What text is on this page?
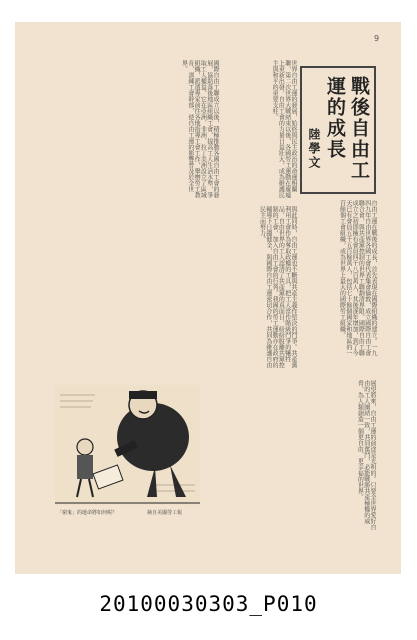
9
戰後自由工
運的成長
陸學文
世界自由工運的發展，始終與民主政治的命運相關聯，第二次世界大戰結束以後，各國勞工運動在廢墟上重新出發，自由工會的力量日益壯大，成為維護民主與和平的重要支柱。
自由工運在戰後的成長，首先表現在國際組織的建立。一九四九年自由世界各國工會代表集會倫敦，成立國際自由工會聯合會，與共產黨控制的世界工聯劃清界限。國際自由工聯成立之初即擁有會員四千八百萬人，其後逐年增加，到了今天已有會員五千五百餘萬人，包括七十餘個國家和地區的一百餘個工會組織，成為世界上最大的國際勞工組織。
國際自由工聯成立以後，積極推動各國自由工會的發展，協助落後地區組織工會，提高工人生活水準，爭取工人權益。它在亞洲、非洲、拉丁美洲設立了區域組織，派遣專家前往各地指導工會工作，舉辦勞工教育，訓練工會幹部，使自由工運的影響普及於全世界。
與此同時，自由工運也不斷與共產主義作堅決的鬥爭。共產黨利用工會作為奪取政權的工具，把工人當作階級鬥爭的犧牲品，自由世界的工人認清了共產黨的真面目，紛紛脫離共黨控制的工會，加入自由工會的行列。我國的勞工運動亦在政府的輔導下日趨健全，與國際自由工運密切合作，共同為維護自由民主而努力。
展望將來，自由工運的前途是光明的。只要全世界愛好自由的工人團結一致，共同奮鬥，必能戰勝共產極權的威脅，為人類創造一個更自由、更幸福的世界。
「窮鬼」的運命將如何呢？	摘自美國勞工報
20100030303_P010
